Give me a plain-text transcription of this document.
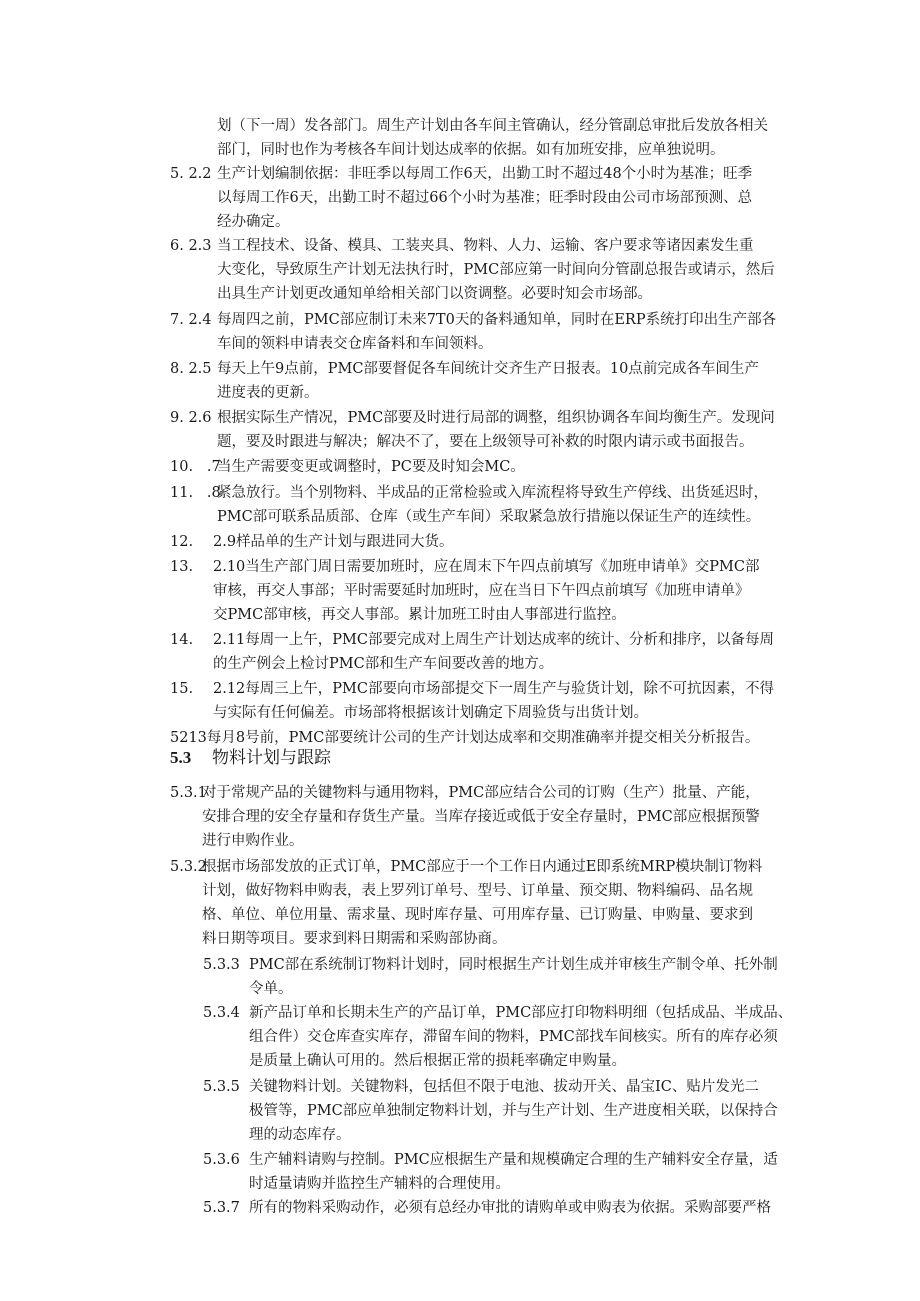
划（下一周）发各部门。周生产计划由各车间主管确认，经分管副总审批后发放各相关
部门，同时也作为考核各车间计划达成率的依据。如有加班安排，应单独说明。
5. 2.2 生产计划编制依据：非旺季以每周工作6天，出勤工时不超过48个小时为基准；旺季
以每周工作6天，出勤工时不超过66个小时为基准；旺季时段由公司市场部预测、总
经办确定。
6. 2.3 当工程技术、设备、模具、工装夹具、物料、人力、运输、客户要求等诸因素发生重
大变化，导致原生产计划无法执行时，PMC部应第一时间向分管副总报告或请示，然后
出具生产计划更改通知单给相关部门以资调整。必要时知会市场部。
7. 2.4 每周四之前，PMC部应制订未来7T0天的备料通知单，同时在ERP系统打印出生产部各
车间的领料申请表交仓库备料和车间领料。
8. 2.5 每天上午9点前，PMC部要督促各车间统计交齐生产日报表。10点前完成各车间生产
进度表的更新。
9. 2.6 根据实际生产情况，PMC部要及时进行局部的调整，组织协调各车间均衡生产。发现问
题，要及时跟进与解决；解决不了，要在上级领导可补救的时限内请示或书面报告。
10.   .7
当生产需要变更或调整时，PC要及时知会MC。
11.   .8
紧急放行。当个别物料、半成品的正常检验或入库流程将导致生产停线、出货延迟时，
PMC部可联系品质部、仓库（或生产车间）采取紧急放行措施以保证生产的连续性。
12. 2.9样品单的生产计划与跟进同大货。
13. 2.10当生产部门周日需要加班时，应在周末下午四点前填写《加班申请单》交PMC部
审核，再交人事部；平时需要延时加班时，应在当日下午四点前填写《加班申请单》
交PMC部审核，再交人事部。累计加班工时由人事部进行监控。
14. 2.11每周一上午，PMC部要完成对上周生产计划达成率的统计、分析和排序，以备每周
的生产例会上检讨PMC部和生产车间要改善的地方。
15. 2.12每周三上午，PMC部要向市场部提交下一周生产与验货计划，除不可抗因素，不得
与实际有任何偏差。市场部将根据该计划确定下周验货与出货计划。
5213每月8号前，PMC部要统计公司的生产计划达成率和交期准确率并提交相关分析报告。
5.3	物料计划与跟踪
5.3.1
对于常规产品的关键物料与通用物料，PMC部应结合公司的订购（生产）批量、产能，
安排合理的安全存量和存货生产量。当库存接近或低于安全存量时，PMC部应根据预警
进行申购作业。
5.3.2
根据市场部发放的正式订单，PMC部应于一个工作日内通过E即系统MRP模块制订物料
计划，做好物料申购表，表上罗列订单号、型号、订单量、预交期、物料编码、品名规
格、单位、单位用量、需求量、现时库存量、可用库存量、已订购量、申购量、要求到
料日期等项目。要求到料日期需和采购部协商。
5.3.3 PMC部在系统制订物料计划时，同时根据生产计划生成并审核生产制令单、托外制
令单。
5.3.4 新产品订单和长期未生产的产品订单，PMC部应打印物料明细（包括成品、半成品、
组合件）交仓库查实库存，滞留车间的物料，PMC部找车间核实。所有的库存必须
是质量上确认可用的。然后根据正常的损耗率确定申购量。
5.3.5 关键物料计划。关键物料，包括但不限于电池、拔动开关、晶宝IC、贴片发光二
极管等，PMC部应单独制定物料计划，并与生产计划、生产进度相关联，以保持合
理的动态库存。
5.3.6 生产辅料请购与控制。PMC应根据生产量和规模确定合理的生产辅料安全存量，适
时适量请购并监控生产辅料的合理使用。
5.3.7 所有的物料采购动作，必须有总经办审批的请购单或申购表为依据。采购部要严格
